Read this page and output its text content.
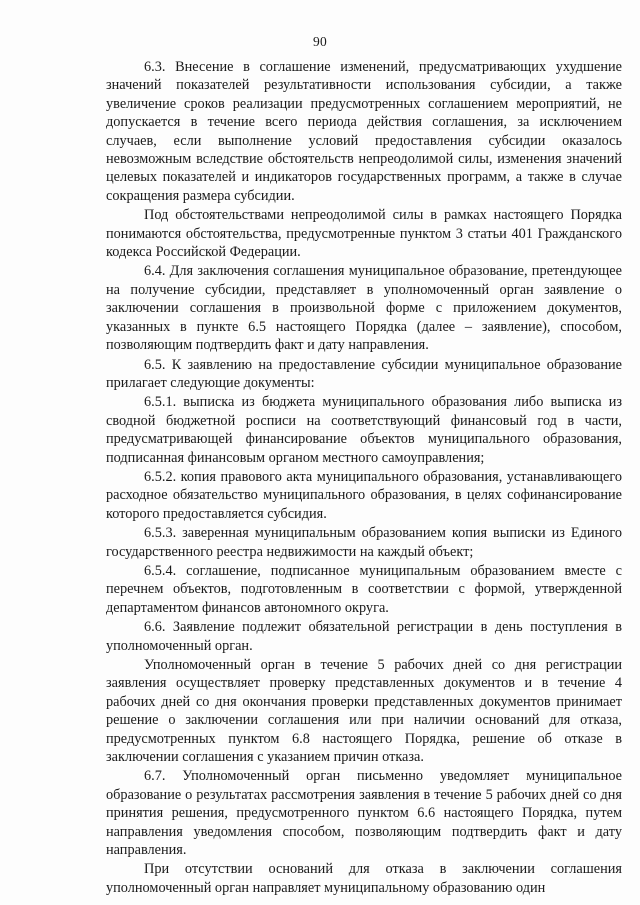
90

6.3. Внесение в соглашение изменений, предусматривающих ухудшение значений показателей результативности использования субсидии, а также увеличение сроков реализации предусмотренных соглашением мероприятий, не допускается в течение всего периода действия соглашения, за исключением случаев, если выполнение условий предоставления субсидии оказалось невозможным вследствие обстоятельств непреодолимой силы, изменения значений целевых показателей и индикаторов государственных программ, а также в случае сокращения размера субсидии.

Под обстоятельствами непреодолимой силы в рамках настоящего Порядка понимаются обстоятельства, предусмотренные пунктом 3 статьи 401 Гражданского кодекса Российской Федерации.

6.4. Для заключения соглашения муниципальное образование, претендующее на получение субсидии, представляет в уполномоченный орган заявление о заключении соглашения в произвольной форме с приложением документов, указанных в пункте 6.5 настоящего Порядка (далее – заявление), способом, позволяющим подтвердить факт и дату направления.

6.5. К заявлению на предоставление субсидии муниципальное образование прилагает следующие документы:

6.5.1. выписка из бюджета муниципального образования либо выписка из сводной бюджетной росписи на соответствующий финансовый год в части, предусматривающей финансирование объектов муниципального образования, подписанная финансовым органом местного самоуправления;

6.5.2. копия правового акта муниципального образования, устанавливающего расходное обязательство муниципального образования, в целях софинансирование которого предоставляется субсидия.

6.5.3. заверенная муниципальным образованием копия выписки из Единого государственного реестра недвижимости на каждый объект;

6.5.4. соглашение, подписанное муниципальным образованием вместе с перечнем объектов, подготовленным в соответствии с формой, утвержденной департаментом финансов автономного округа.

6.6. Заявление подлежит обязательной регистрации в день поступления в уполномоченный орган.

Уполномоченный орган в течение 5 рабочих дней со дня регистрации заявления осуществляет проверку представленных документов и в течение 4 рабочих дней со дня окончания проверки представленных документов принимает решение о заключении соглашения или при наличии оснований для отказа, предусмотренных пунктом 6.8 настоящего Порядка, решение об отказе в заключении соглашения с указанием причин отказа.

6.7. Уполномоченный орган письменно уведомляет муниципальное образование о результатах рассмотрения заявления в течение 5 рабочих дней со дня принятия решения, предусмотренного пунктом 6.6 настоящего Порядка, путем направления уведомления способом, позволяющим подтвердить факт и дату направления.

При отсутствии оснований для отказа в заключении соглашения уполномоченный орган направляет муниципальному образованию один
